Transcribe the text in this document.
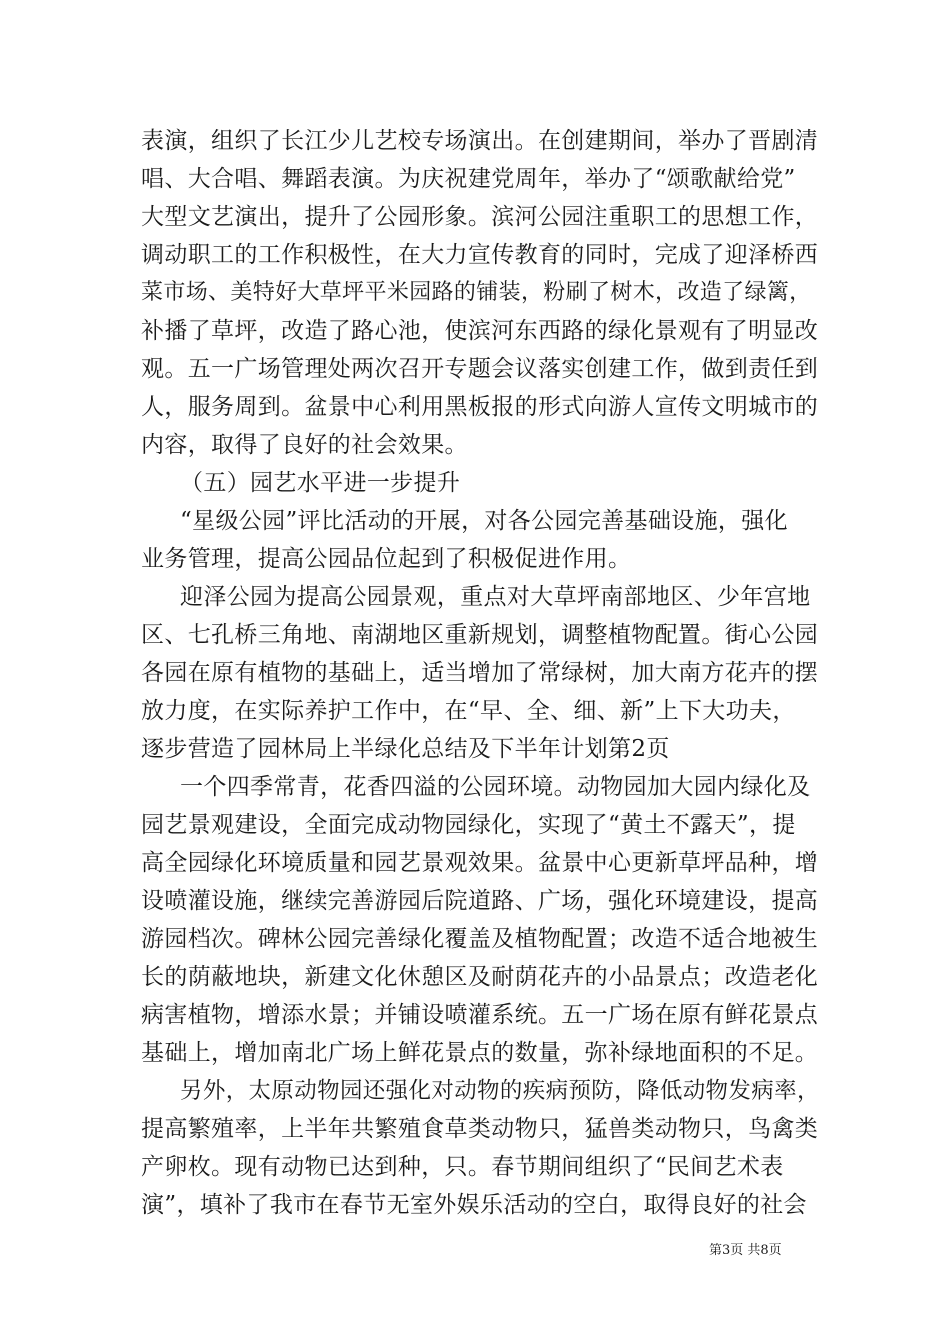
表演，组织了长江少儿艺校专场演出。在创建期间，举办了晋剧清
唱、大合唱、舞蹈表演。为庆祝建党周年，举办了“颂歌献给党”
大型文艺演出，提升了公园形象。滨河公园注重职工的思想工作，
调动职工的工作积极性，在大力宣传教育的同时，完成了迎泽桥西
菜市场、美特好大草坪平米园路的铺装，粉刷了树木，改造了绿篱，
补播了草坪，改造了路心池，使滨河东西路的绿化景观有了明显改
观。五一广场管理处两次召开专题会议落实创建工作，做到责任到
人，服务周到。盆景中心利用黑板报的形式向游人宣传文明城市的
内容，取得了良好的社会效果。
（五）园艺水平进一步提升
“星级公园”评比活动的开展，对各公园完善基础设施，强化
业务管理，提高公园品位起到了积极促进作用。
迎泽公园为提高公园景观，重点对大草坪南部地区、少年宫地
区、七孔桥三角地、南湖地区重新规划，调整植物配置。街心公园
各园在原有植物的基础上，适当增加了常绿树，加大南方花卉的摆
放力度，在实际养护工作中，在“早、全、细、新”上下大功夫，
逐步营造了园林局上半绿化总结及下半年计划第2页
一个四季常青，花香四溢的公园环境。动物园加大园内绿化及
园艺景观建设，全面完成动物园绿化，实现了“黄土不露天”，提
高全园绿化环境质量和园艺景观效果。盆景中心更新草坪品种，增
设喷灌设施，继续完善游园后院道路、广场，强化环境建设，提高
游园档次。碑林公园完善绿化覆盖及植物配置；改造不适合地被生
长的荫蔽地块，新建文化休憩区及耐荫花卉的小品景点；改造老化
病害植物，增添水景；并铺设喷灌系统。五一广场在原有鲜花景点
基础上，增加南北广场上鲜花景点的数量，弥补绿地面积的不足。
另外，太原动物园还强化对动物的疾病预防，降低动物发病率，
提高繁殖率，上半年共繁殖食草类动物只，猛兽类动物只，鸟禽类
产卵枚。现有动物已达到种，只。春节期间组织了“民间艺术表
演”，填补了我市在春节无室外娱乐活动的空白，取得良好的社会
第3页 共8页
